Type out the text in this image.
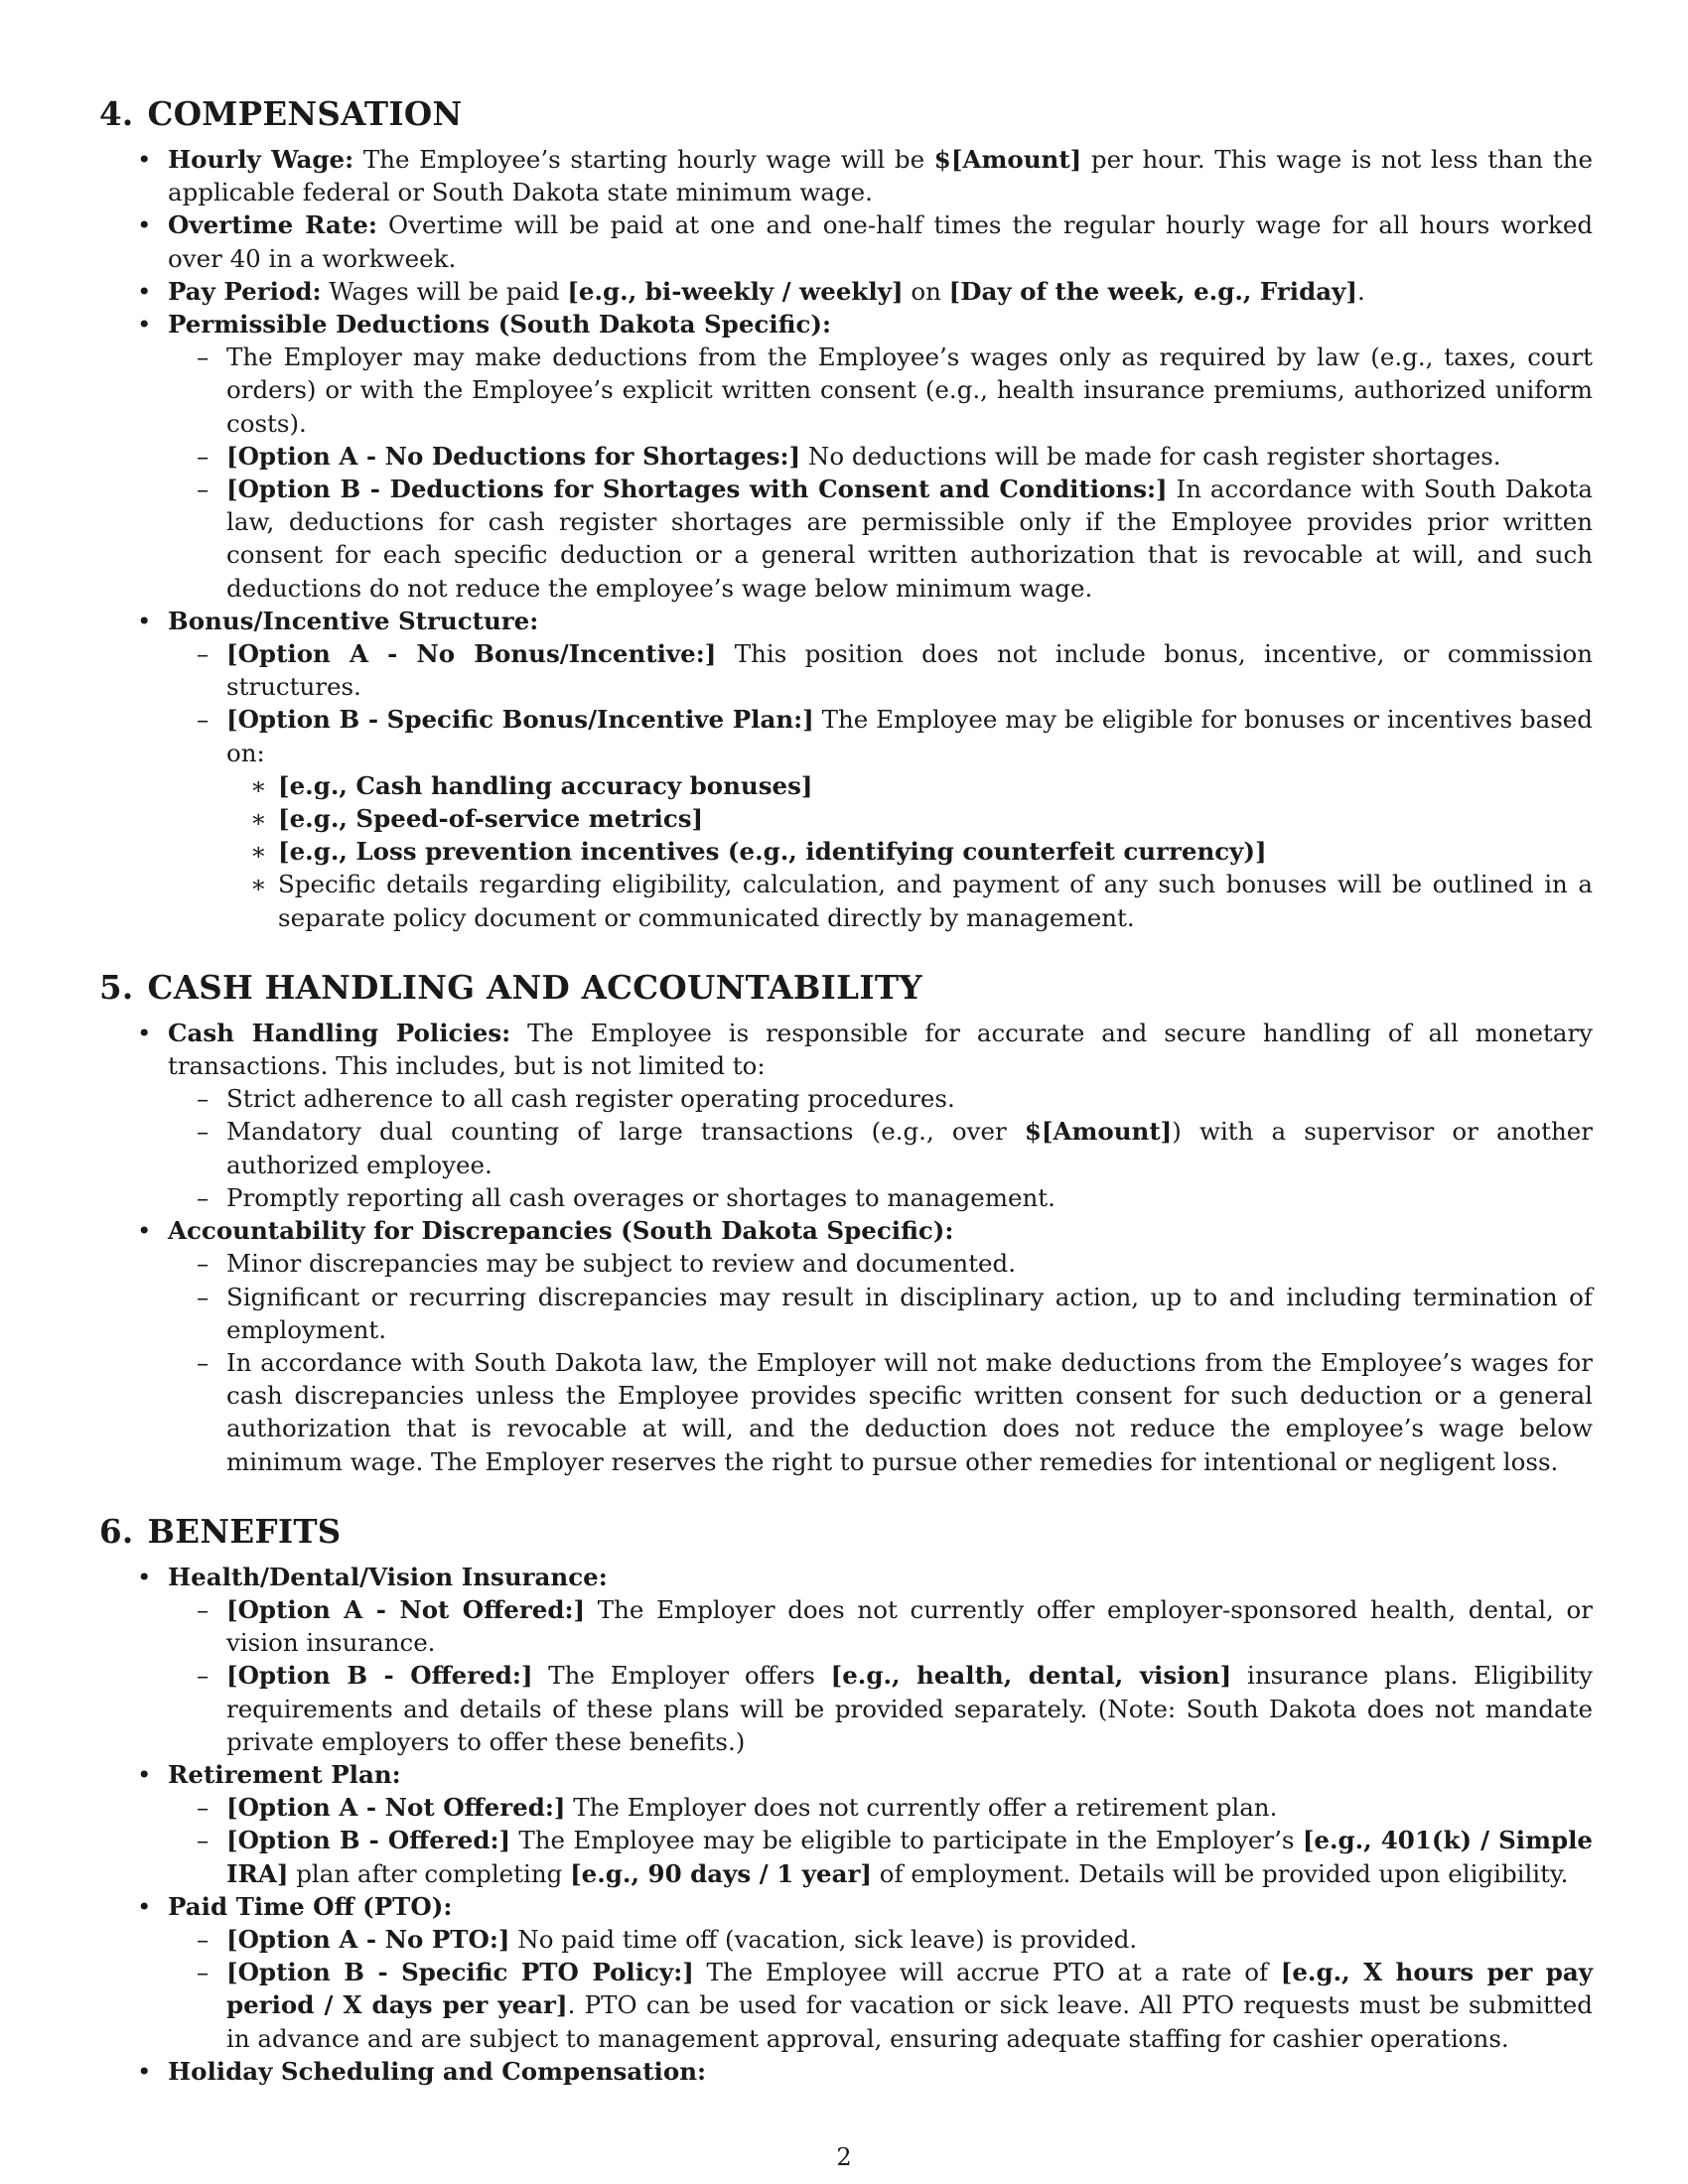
4. COMPENSATION
• Hourly Wage: The Employee’s starting hourly wage will be $[Amount] per hour. This wage is not less than the applicable federal or South Dakota state minimum wage.
• Overtime Rate: Overtime will be paid at one and one-half times the regular hourly wage for all hours worked over 40 in a workweek.
• Pay Period: Wages will be paid [e.g., bi-weekly / weekly] on [Day of the week, e.g., Friday].
• Permissible Deductions (South Dakota Specific):
– The Employer may make deductions from the Employee’s wages only as required by law (e.g., taxes, court orders) or with the Employee’s explicit written consent (e.g., health insurance premiums, authorized uniform costs).
– [Option A - No Deductions for Shortages:] No deductions will be made for cash register shortages.
– [Option B - Deductions for Shortages with Consent and Conditions:] In accordance with South Dakota law, deductions for cash register shortages are permissible only if the Employee provides prior written consent for each specific deduction or a general written authorization that is revocable at will, and such deductions do not reduce the employee’s wage below minimum wage.
• Bonus/Incentive Structure:
– [Option A - No Bonus/Incentive:] This position does not include bonus, incentive, or commission structures.
– [Option B - Specific Bonus/Incentive Plan:] The Employee may be eligible for bonuses or incentives based on:
∗ [e.g., Cash handling accuracy bonuses]
∗ [e.g., Speed-of-service metrics]
∗ [e.g., Loss prevention incentives (e.g., identifying counterfeit currency)]
∗ Specific details regarding eligibility, calculation, and payment of any such bonuses will be outlined in a separate policy document or communicated directly by management.
5. CASH HANDLING AND ACCOUNTABILITY
• Cash Handling Policies: The Employee is responsible for accurate and secure handling of all monetary transactions. This includes, but is not limited to:
– Strict adherence to all cash register operating procedures.
– Mandatory dual counting of large transactions (e.g., over $[Amount]) with a supervisor or another authorized employee.
– Promptly reporting all cash overages or shortages to management.
• Accountability for Discrepancies (South Dakota Specific):
– Minor discrepancies may be subject to review and documented.
– Significant or recurring discrepancies may result in disciplinary action, up to and including termination of employment.
– In accordance with South Dakota law, the Employer will not make deductions from the Employee’s wages for cash discrepancies unless the Employee provides specific written consent for such deduction or a general authorization that is revocable at will, and the deduction does not reduce the employee’s wage below minimum wage. The Employer reserves the right to pursue other remedies for intentional or negligent loss.
6. BENEFITS
• Health/Dental/Vision Insurance:
– [Option A - Not Offered:] The Employer does not currently offer employer-sponsored health, dental, or vision insurance.
– [Option B - Offered:] The Employer offers [e.g., health, dental, vision] insurance plans. Eligibility requirements and details of these plans will be provided separately. (Note: South Dakota does not mandate private employers to offer these benefits.)
• Retirement Plan:
– [Option A - Not Offered:] The Employer does not currently offer a retirement plan.
– [Option B - Offered:] The Employee may be eligible to participate in the Employer’s [e.g., 401(k) / Simple IRA] plan after completing [e.g., 90 days / 1 year] of employment. Details will be provided upon eligibility.
• Paid Time Off (PTO):
– [Option A - No PTO:] No paid time off (vacation, sick leave) is provided.
– [Option B - Specific PTO Policy:] The Employee will accrue PTO at a rate of [e.g., X hours per pay period / X days per year]. PTO can be used for vacation or sick leave. All PTO requests must be submitted in advance and are subject to management approval, ensuring adequate staffing for cashier operations.
• Holiday Scheduling and Compensation:
2
